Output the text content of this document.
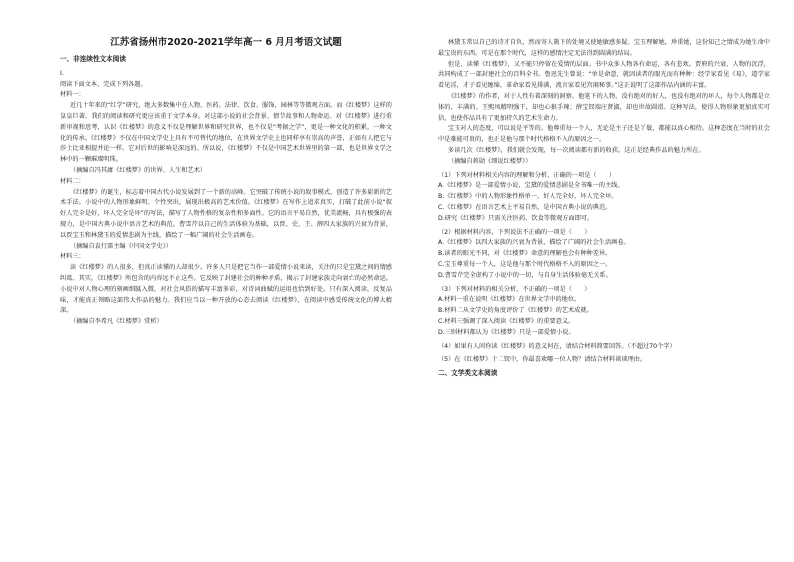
江苏省扬州市2020-2021学年高一 6 月月考语文试题
一、非连续性文本阅读
I.
阅读下面文本，完成下列各题。
材料一：

近几十年来的“红学”研究，绝大多数集中在人物、医药、法律、饮食、服饰、园林等等微观方面。而《红楼梦》这样的皇皇巨著，我们的阅读和研究更应该重于文学本身。对这部小说的社会背景、情节故事和人物命运。对《红楼梦》进行重新审视和思考，认识《红楼梦》的意义不仅是理解世界和研究世界，也不仅是“考据之学”，更是一种文化的积累，一种文化的传承。《红楼梦》不仅在中国文学史上具有不可替代的地位，在世界文学史上也同样享有崇高的声誉，正如有人把它与莎士比亚相提并论一样。它对后世的影响是深远的。所以说，《红楼梦》不仅是中国艺术世界里的第一部，也是世界文学之林中的一颗璀璨明珠。

（摘编自冯其庸《红楼梦》的世界、人生和艺术）
材料二：

《红楼梦》的诞生，标志着中国古代小说发展到了一个新的高峰。它突破了传统小说的叙事模式，创造了许多崭新的艺术手法。小说中的人物形象鲜明、个性突出，展现出极高的艺术价值。《红楼梦》在写作上追求真实，打破了此前小说“叙好人完全是好，坏人完全是坏”的写法，描写了人物性格的复杂性和多面性。它的语言平易自然，优美流畅，具有极强的表现力，是中国古典小说中语言艺术的典范。曹雪芹以自己的生活体验为基础，以贾、史、王、薛四大家族的兴衰为背景，以贾宝玉和林黛玉的爱情悲剧为主线，描绘了一幅广阔的社会生活画卷。

（摘编自袁行霈主编《中国文学史》）
材料三：

读《红楼梦》的人很多，但真正读懂的人却很少。许多人只是把它当作一部爱情小说来读，关注的只是宝黛之间的情感纠葛。其实，《红楼梦》所包含的内容远不止这些。它反映了封建社会的种种矛盾，揭示了封建家族走向衰亡的必然命运。小说中对人物心理的刻画细腻入微，对社会风俗的描写丰富多彩，对诗词曲赋的运用也恰到好处。只有深入阅读，反复品味，才能真正领略这部伟大作品的魅力。我们应当以一种开放的心态去阅读《红楼梦》，在阅读中感受传统文化的博大精深。

（摘编自李希凡《红楼梦》赏析）

林黛玉常以自己的诗才自负，然而寄人篱下的处境又使她敏感多疑。宝玉理解她，珍重她，这份知己之情成为她生命中最宝贵的东西。可是在那个时代，这样的感情注定无法得到圆满的结局。

但是，读懂《红楼梦》，又不能只停留在爱情的层面。书中众多人物各有命运，各有悲欢。贾府的兴衰、人物的沉浮，共同构成了一部封建社会的百科全书。鲁迅先生曾说：“单是命意，就因读者的眼光而有种种：经学家看见《易》，道学家看见淫，才子看见缠绵，革命家看见排满，流言家看见宫闱秘事。”这正说明了这部作品内涵的丰富。

《红楼梦》的作者，对于人性有着深刻的洞察。他笔下的人物，没有绝对的好人，也没有绝对的坏人，每个人物都是立体的、丰满的。王熙凤精明强干，却也心狠手辣；薛宝钗端庄贤淑，却也世故圆滑。这种写法，使得人物形象更加真实可信，也使作品具有了更加持久的艺术生命力。

宝玉对人的态度，可以说是平等的。他尊重每一个人，无论是主子还是丫鬟，都能以真心相待。这种态度在当时的社会中是难能可贵的，也正是他与那个时代格格不入的原因之一。

多读几次《红楼梦》，我们就会发现，每一次阅读都有新的收获。这正是经典作品的魅力所在。

（摘编自蒋勋《细说红楼梦》）

（1）下列对材料相关内容的理解和分析，正确的一项是（　　）

A.《红楼梦》是一部爱情小说，宝黛的爱情悲剧是全书唯一的主线。

B.《红楼梦》中的人物形象性格单一，好人完全好，坏人完全坏。

C.《红楼梦》在语言艺术上平易自然，是中国古典小说的典范。

D.研究《红楼梦》只需关注医药、饮食等微观方面即可。

（2）根据材料内容，下列说法不正确的一项是（　　）

A.《红楼梦》以四大家族的兴衰为背景，描绘了广阔的社会生活画卷。

B.读者的眼光不同，对《红楼梦》命意的理解也会有种种差异。

C.宝玉尊重每一个人，这是他与那个时代格格不入的原因之一。

D.曹雪芹完全虚构了小说中的一切，与自身生活体验毫无关系。

（3）下列对材料的相关分析，不正确的一项是（　　）

A.材料一重在说明《红楼梦》在世界文学中的地位。

B.材料二从文学史的角度评价了《红楼梦》的艺术成就。

C.材料三强调了深入阅读《红楼梦》的重要意义。

D.三则材料都认为《红楼梦》只是一部爱情小说。

（4）如果有人问你读《红楼梦》的意义何在，请结合材料简要回答。（不超过70个字）

（5）在《红楼梦》十二钗中，你最喜欢哪一位人物？请结合材料谈谈理由。

二、文学类文本阅读
